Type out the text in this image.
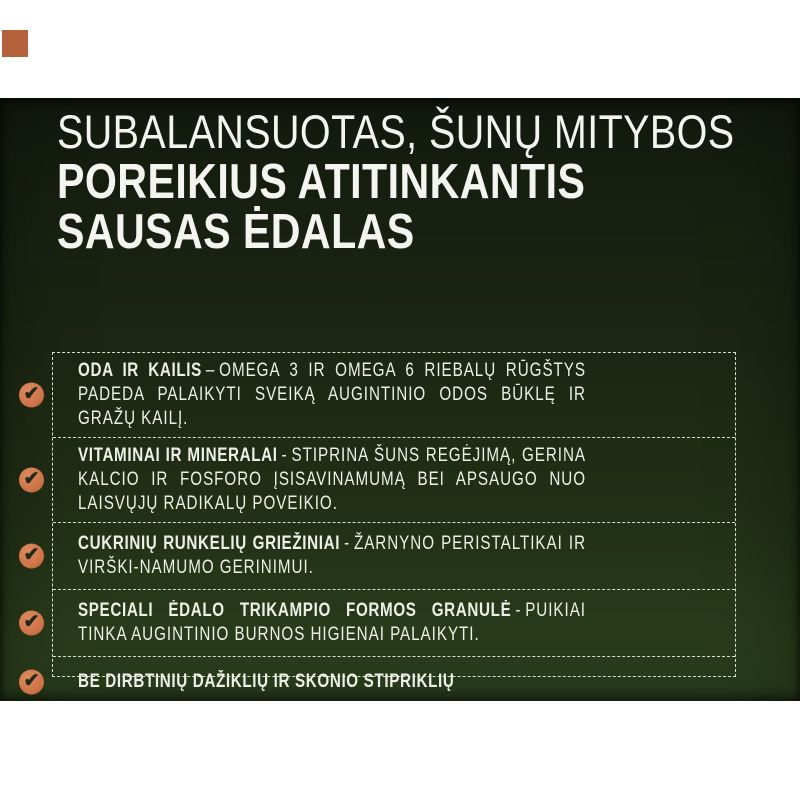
SUBALANSUOTAS, ŠUNŲ MITYBOS
POREIKIUS ATITINKANTIS
SAUSAS ĖDALAS
✔
ODA IR KAILIS – OMEGA 3 IR OMEGA 6 RIEBALŲ RŪGŠTYS PADEDA PALAIKYTI SVEIKĄ AUGINTINIO ODOS BŪKLĘ IR GRAŽŲ KAILĮ.
✔
VITAMINAI IR MINERALAI - STIPRINA ŠUNS REGĖJIMĄ, GERINA KALCIO IR FOSFORO ĮSISAVINAMUMĄ BEI APSAUGO NUO LAISVŲJŲ RADIKALŲ POVEIKIO.
✔
CUKRINIŲ RUNKELIŲ GRIEŽINIAI - ŽARNYNO PERISTALTIKAI IR VIRŠKI-NAMUMO GERINIMUI.
✔
SPECIALI ĖDALO TRIKAMPIO FORMOS GRANULĖ - PUIKIAI TINKA AUGINTINIO BURNOS HIGIENAI PALAIKYTI.
✔ BE DIRBTINIŲ DAŽIKLIŲ IR SKONIO STIPRIKLIŲ
